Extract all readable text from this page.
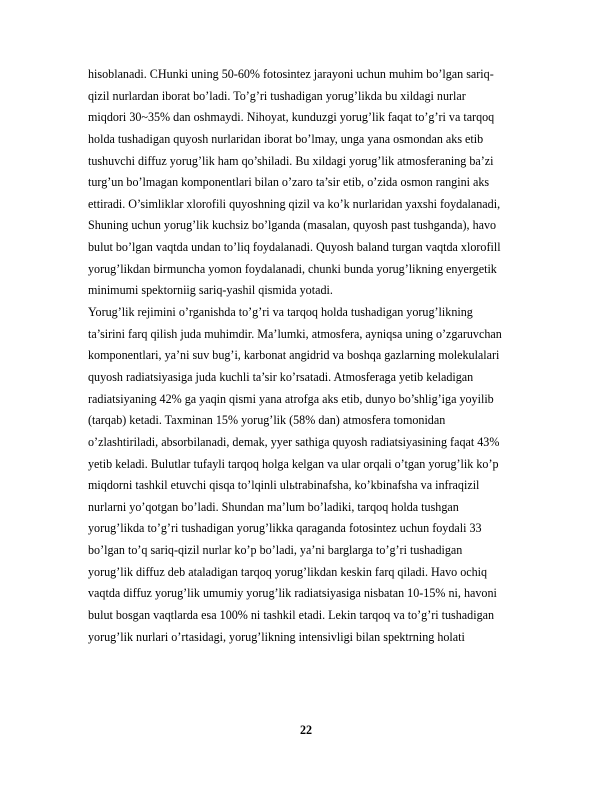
hisoblanadi. CHunki uning 50-60% fotosintez jarayoni uchun muhim bo’lgan sariq-
qizil nurlardan iborat bo’ladi. To’g’ri tushadigan yorug’likda bu xildagi nurlar
miqdori 30~35% dan oshmaydi. Nihoyat, kunduzgi yorug’lik faqat to’g’ri va tarqoq
holda tushadigan quyosh nurlaridan iborat bo’lmay, unga yana osmondan aks etib
tushuvchi diffuz yorug’lik ham qo’shiladi. Bu xildagi yorug’lik atmosferaning ba’zi
turg’un bo’lmagan komponentlari bilan o’zaro ta’sir etib, o’zida osmon rangini aks
ettiradi. O’simliklar xlorofili quyoshning qizil va ko’k nurlaridan yaxshi foydalanadi,
Shuning uchun yorug’lik kuchsiz bo’lganda (masalan, quyosh past tushganda), havo
bulut bo’lgan vaqtda undan to’liq foydalanadi. Quyosh baland turgan vaqtda xlorofill
yorug’likdan birmuncha yomon foydalanadi, chunki bunda yorug’likning enyergetik
minimumi spektorniig sariq-yashil qismida yotadi.
Yorug’lik rejimini o’rganishda to’g’ri va tarqoq holda tushadigan yorug’likning
ta’sirini farq qilish juda muhimdir. Ma’lumki, atmosfera, ayniqsa uning o’zgaruvchan
komponentlari, ya’ni suv bug’i, karbonat angidrid va boshqa gazlarning molekulalari
quyosh radiatsiyasiga juda kuchli ta’sir ko’rsatadi. Atmosferaga yetib keladigan
radiatsiyaning 42% ga yaqin qismi yana atrofga aks etib, dunyo bo’shlig’iga yoyilib
(tarqab) ketadi. Taxminan 15% yorug’lik (58% dan) atmosfera tomonidan
o’zlashtiriladi, absorbilanadi, demak, yyer sathiga quyosh radiatsiyasining faqat 43%
yetib keladi. Bulutlar tufayli tarqoq holga kelgan va ular orqali o’tgan yorug’lik ko’p
miqdorni tashkil etuvchi qisqa to’lqinli ulьtrabinafsha, ko’kbinafsha va infraqizil
nurlarni yo’qotgan bo’ladi. Shundan ma’lum bo’ladiki, tarqoq holda tushgan
yorug’likda to’g’ri tushadigan yorug’likka qaraganda fotosintez uchun foydali 33
bo’lgan to’q sariq-qizil nurlar ko’p bo’ladi, ya’ni barglarga to’g’ri tushadigan
yorug’lik diffuz deb ataladigan tarqoq yorug’likdan keskin farq qiladi. Havo ochiq
vaqtda diffuz yorug’lik umumiy yorug’lik radiatsiyasiga nisbatan 10-15% ni, havoni
bulut bosgan vaqtlarda esa 100% ni tashkil etadi. Lekin tarqoq va to’g’ri tushadigan
yorug’lik nurlari o’rtasidagi, yorug’likning intensivligi bilan spektrning holati
22
